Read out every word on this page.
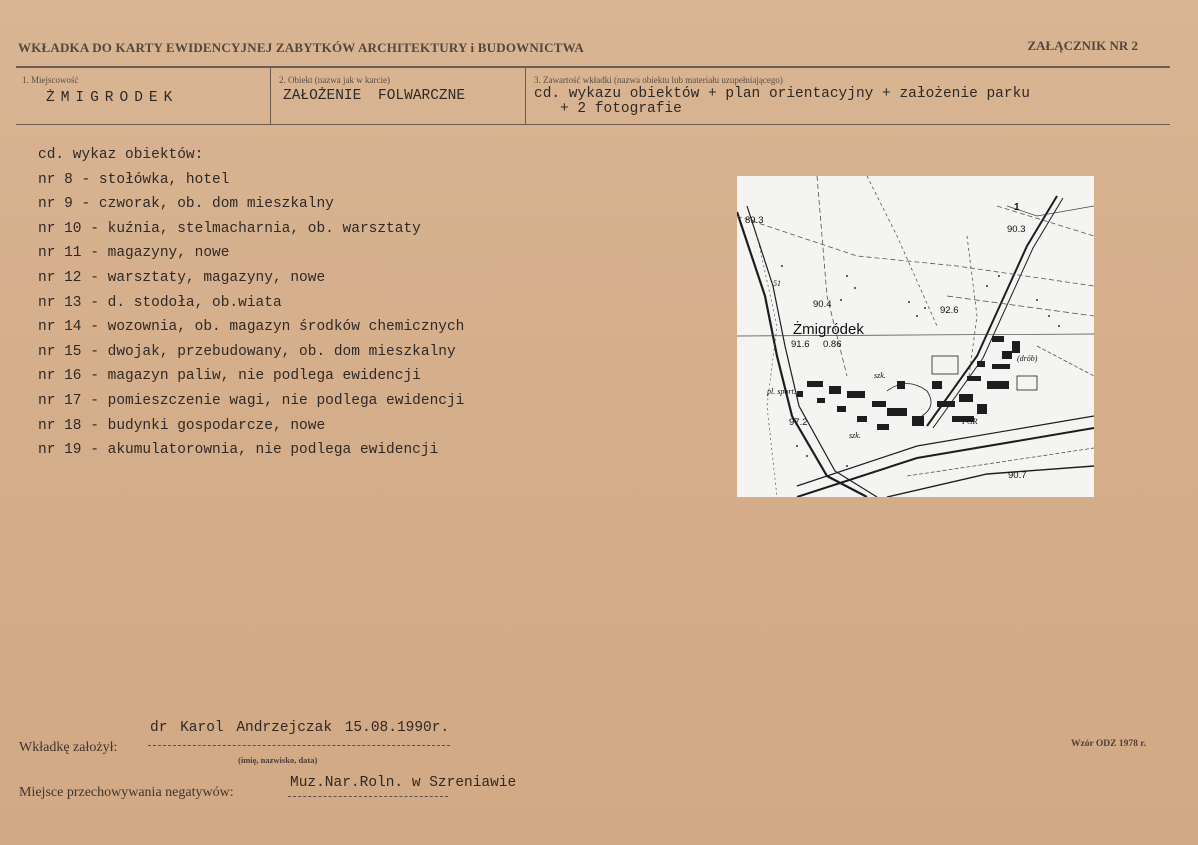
WKŁADKA DO KARTY EWIDENCYJNEJ ZABYTKÓW ARCHITEKTURY i BUDOWNICTWA	ZAŁĄCZNIK NR 2
1. Miejscowość
ŻMIGRODEK
2. Obiekt (nazwa jak w karcie)
ZAŁOŻENIE FOLWARCZNE
3. Zawartość wkładki (nazwa obiektu lub materiału uzupełniającego)
cd. wykazu obiektów + plan orientacyjny + założenie parku
+ 2 fotografie
cd. wykaz obiektów:
nr 8 - stołówka, hotel
nr 9 - czworak, ob. dom mieszkalny
nr 10 - kuźnia, stelmacharnia, ob. warsztaty
nr 11 - magazyny, nowe
nr 12 - warsztaty, magazyny, nowe
nr 13 - d. stodoła, ob.wiata
nr 14 - wozownia, ob. magazyn środków chemicznych
nr 15 - dwojak, przebudowany, ob. dom mieszkalny
nr 16 - magazyn paliw, nie podlega ewidencji
nr 17 - pomieszczenie wagi, nie podlega ewidencji
nr 18 - budynki gospodarcze, nowe
nr 19 - akumulatorownia, nie podlega ewidencji
89.3
90.3
90.4
92.6
91.6 0.86
97.2
90.7
51
(drób)
szk.
pl. sport.
PGR
szk.
Żmigródek
1
Wkładkę założył:
dr Karol Andrzejczak 15.08.1990r.
(imię, nazwisko, data)
Miejsce przechowywania negatywów:
Muz.Nar.Roln. w Szreniawie
Wzór ODZ 1978 r.
